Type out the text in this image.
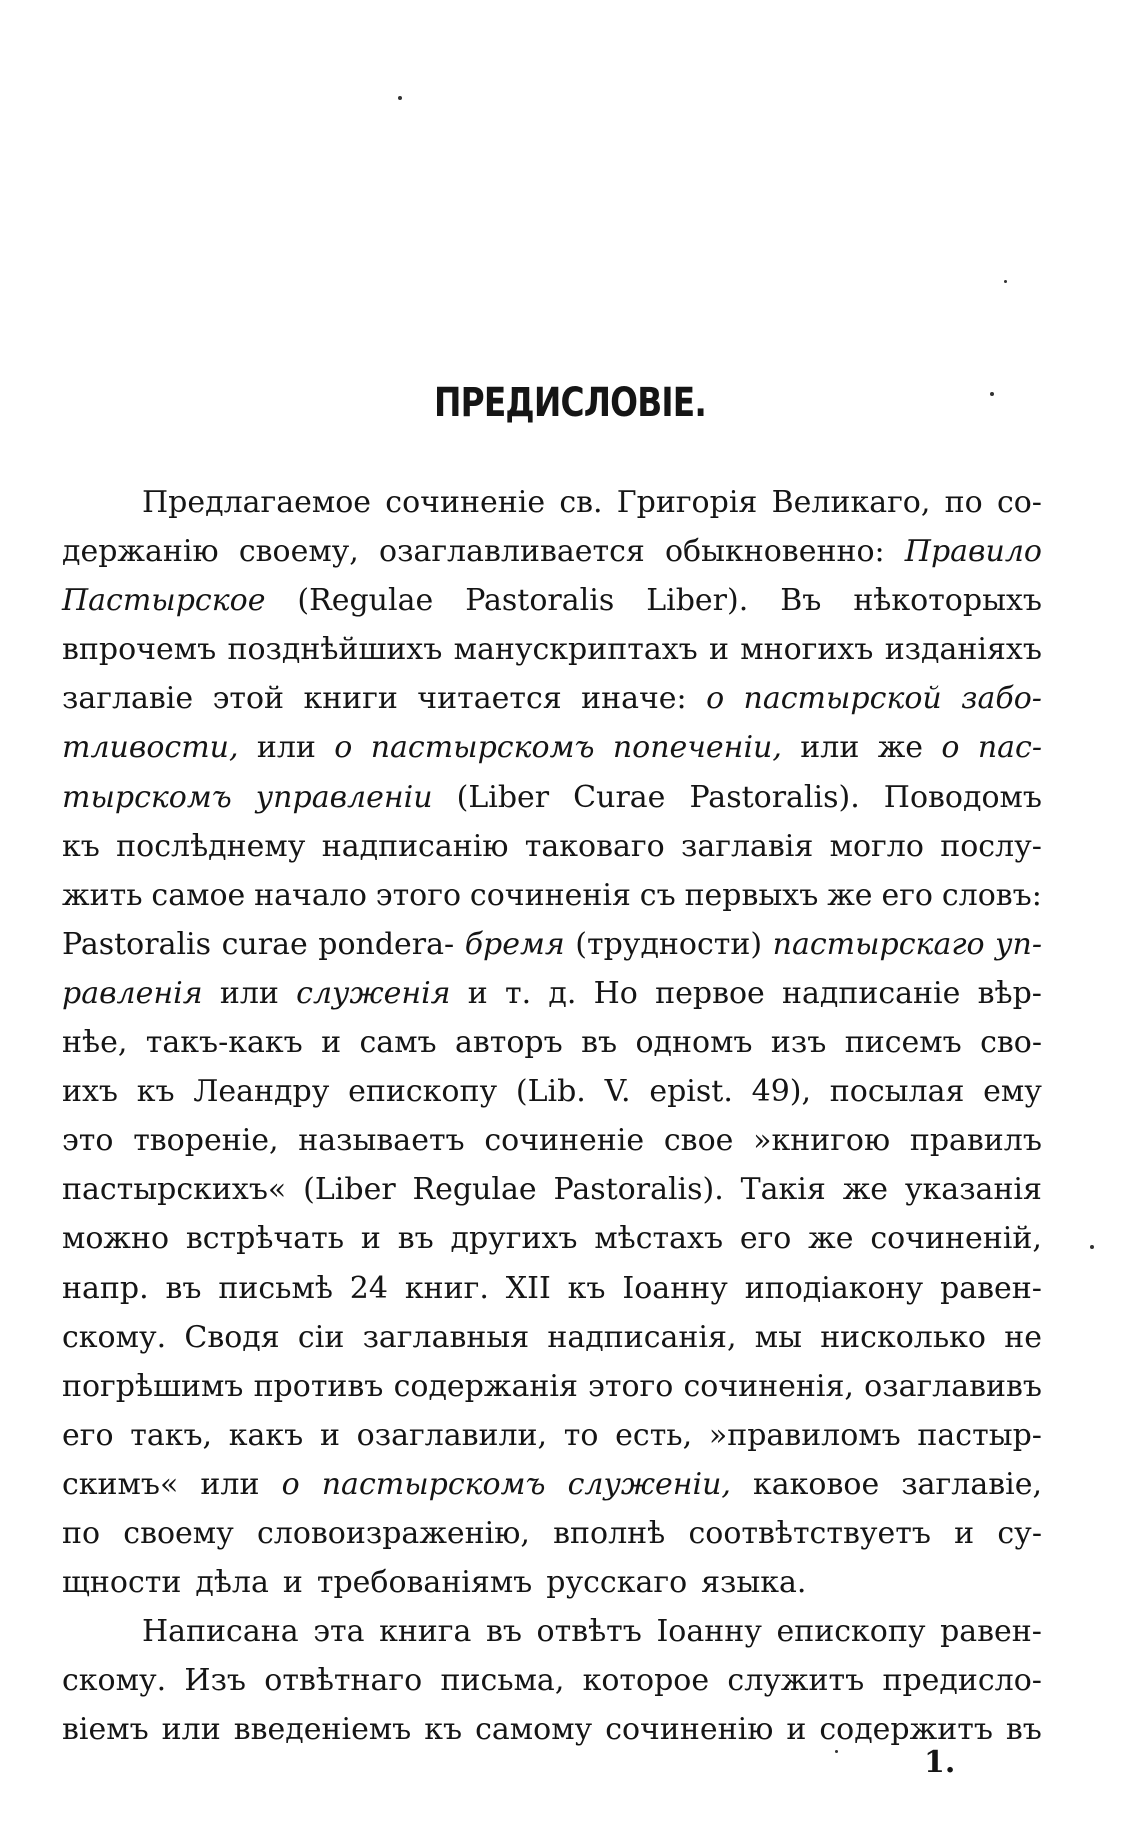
ПРЕДИСЛОВІЕ.
Предлагаемое сочиненіе св. Григорія Великаго, по со-
держанію своему, озаглавливается обыкновенно: Правило
Пастырское (Regulae Pastoralis Liber). Въ нѣкоторыхъ
впрочемъ позднѣйшихъ манускриптахъ и многихъ изданіяхъ
заглавіе этой книги читается иначе: о пастырской забо-
тливости, или о пастырскомъ попеченіи, или же о пас-
тырскомъ управленіи (Liber Curae Pastoralis). Поводомъ
къ послѣднему надписанію таковаго заглавія могло послу-
жить самое начало этого сочиненія съ первыхъ же его словъ:
Pastoralis curae pondera- бремя (трудности) пастырскаго уп-
равленія или служенія и т. д. Но первое надписаніе вѣр-
нѣе, такъ-какъ и самъ авторъ въ одномъ изъ писемъ сво-
ихъ къ Леандру епископу (Lib. V. epist. 49), посылая ему
это твореніе, называетъ сочиненіе свое »книгою правилъ
пастырскихъ« (Liber Regulae Pastoralis). Такія же указанія
можно встрѣчать и въ другихъ мѣстахъ его же сочиненій,
напр. въ письмѣ 24 книг. XII къ Іоанну иподіакону равен-
скому. Сводя сіи заглавныя надписанія, мы нисколько не
погрѣшимъ противъ содержанія этого сочиненія, озаглавивъ
его такъ, какъ и озаглавили, то есть, »правиломъ пастыр-
скимъ« или о пастырскомъ служеніи, каковое заглавіе,
по своему словоизраженію, вполнѣ соотвѣтствуетъ и су-
щности дѣла и требованіямъ русскаго языка.
Написана эта книга въ отвѣтъ Іоанну епископу равен-
скому. Изъ отвѣтнаго письма, которое служитъ предисло-
віемъ или введеніемъ къ самому сочиненію и содержитъ въ
1.
